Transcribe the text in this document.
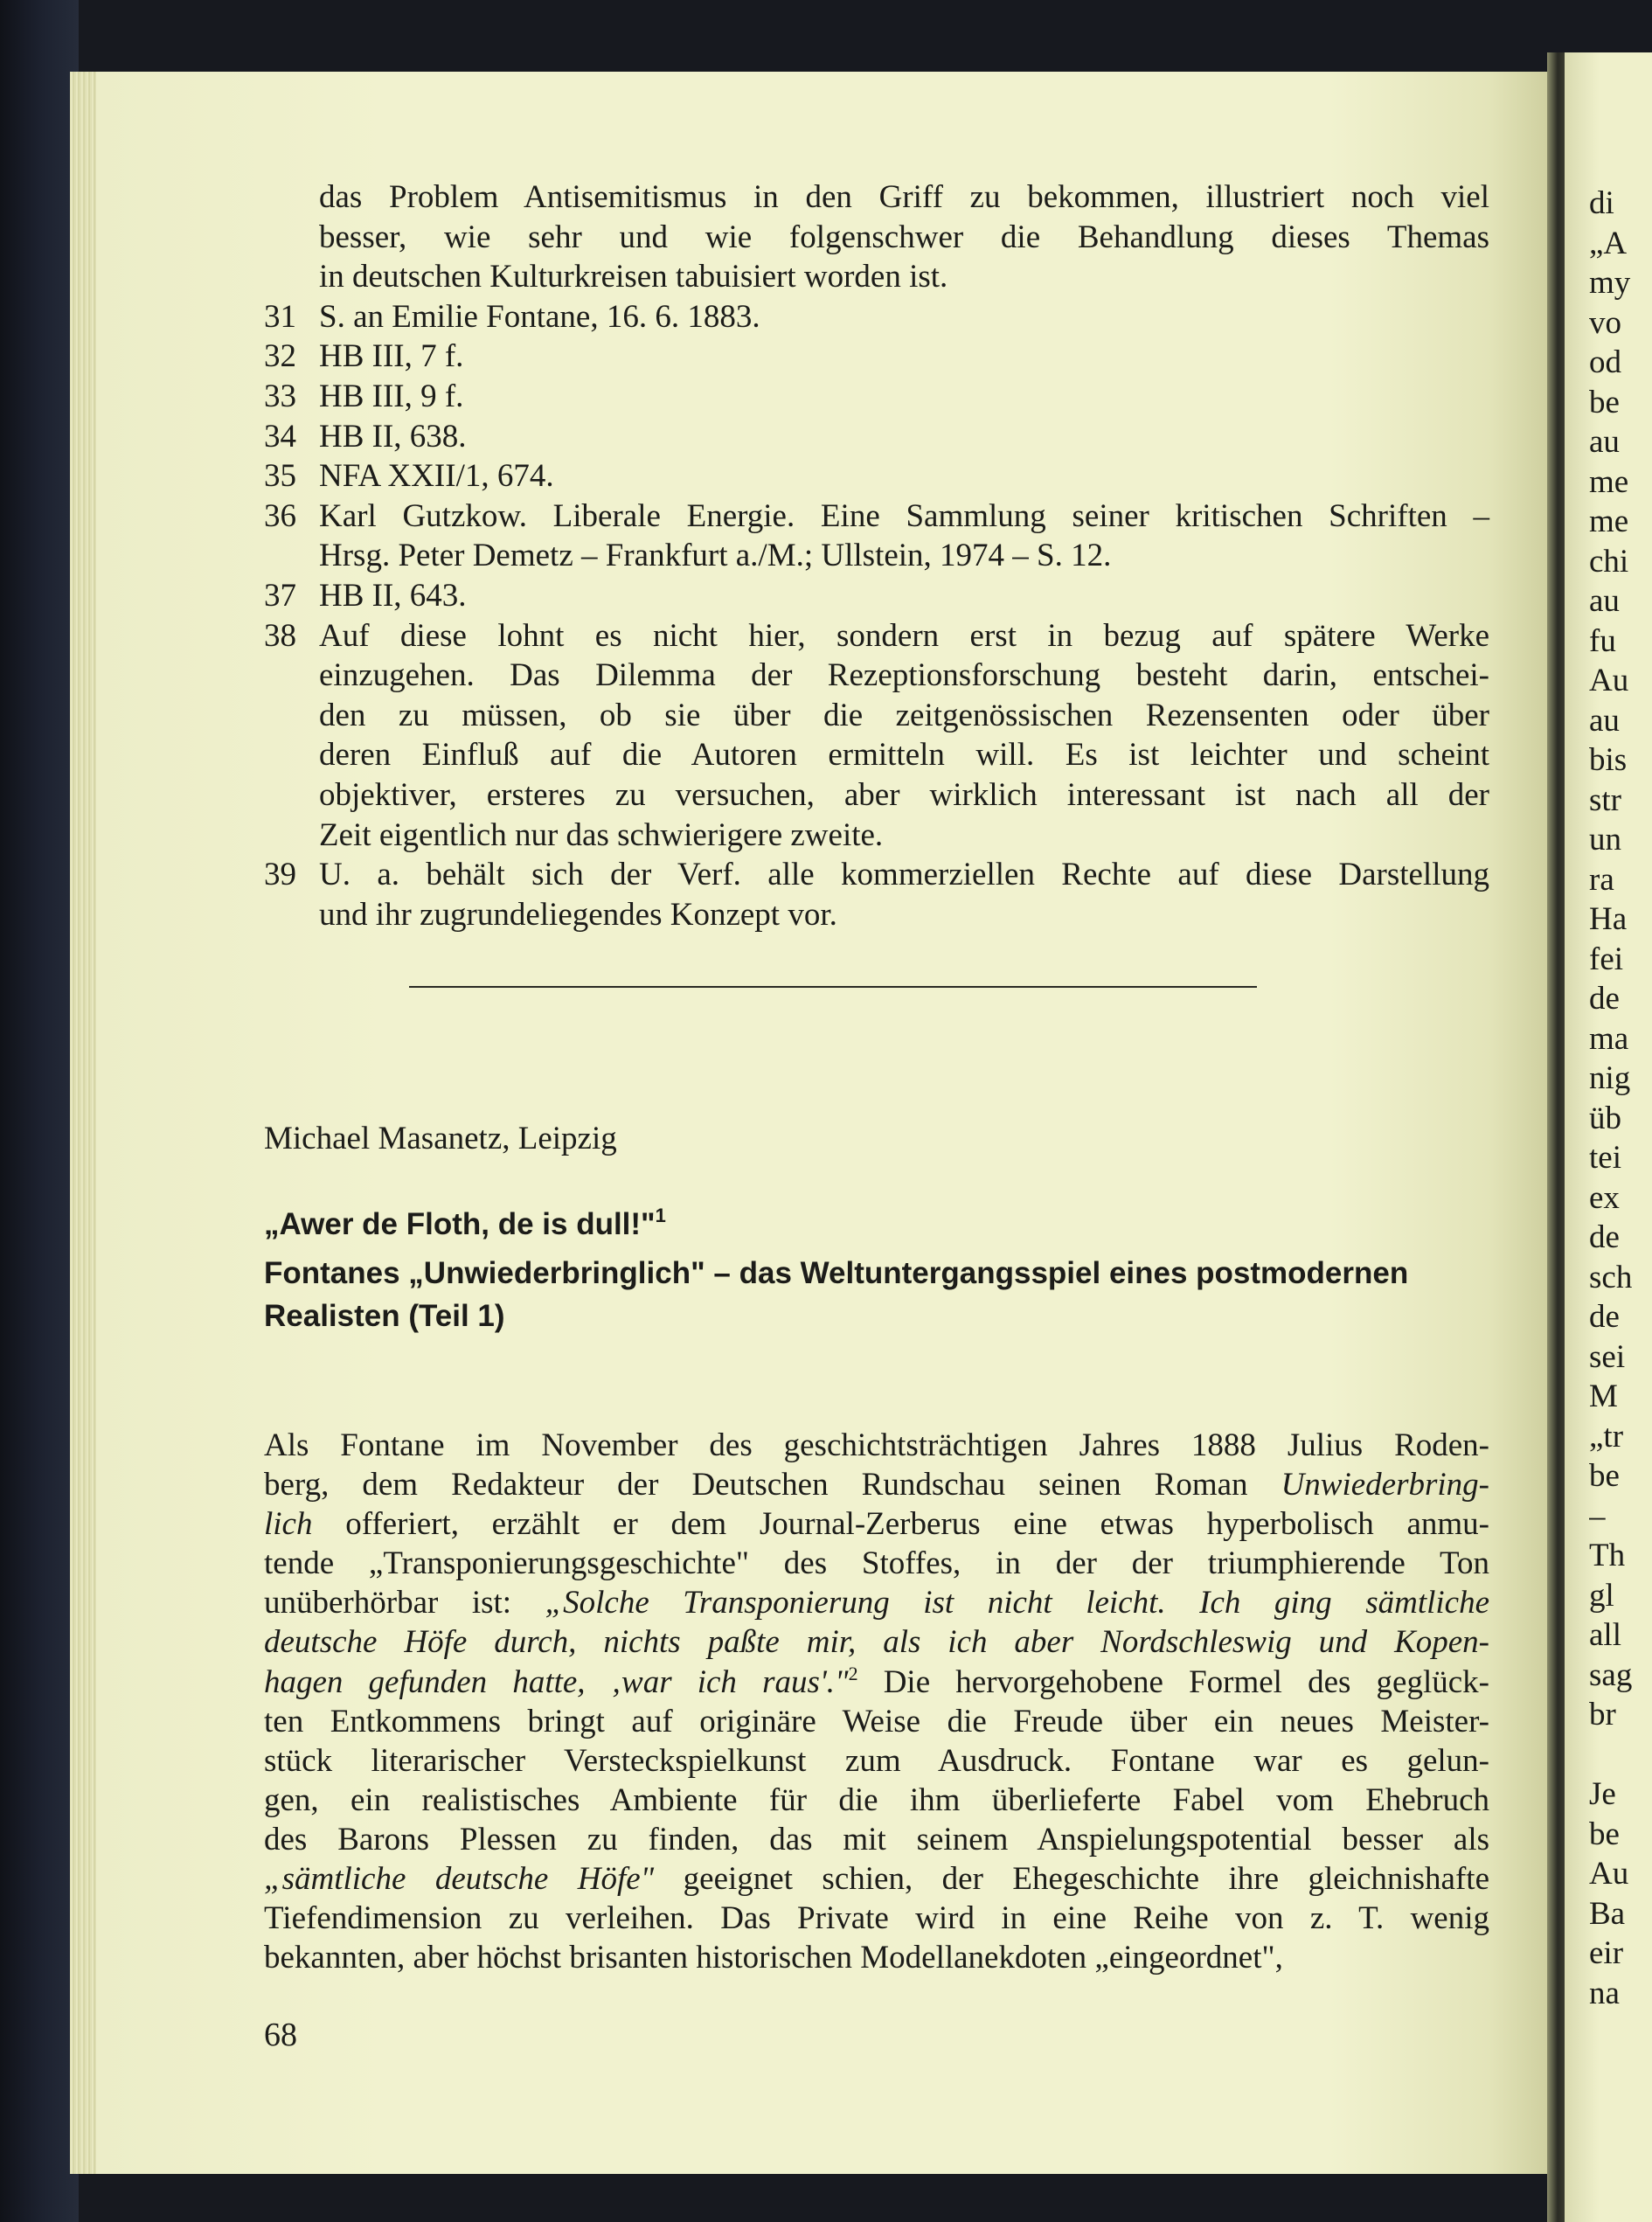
di
„A
my
vo
od
be
au
me
me
chi
au
fu
Au
au
bis
str
un
ra
Ha
fei
de
ma
nig
üb
tei
ex
de
sch
de
sei
M
„tr
be
–
Th
gl
all
sag
br
Je
be
Au
Ba
eir
na
das Problem Antisemitismus in den Griff zu bekommen, illustriert noch viel
besser, wie sehr und wie folgenschwer die Behandlung dieses Themas
in deutschen Kulturkreisen tabuisiert worden ist.
31 S. an Emilie Fontane, 16. 6. 1883.
32 HB III, 7 f.
33 HB III, 9 f.
34 HB II, 638.
35 NFA XXII/1, 674.
36 Karl Gutzkow. Liberale Energie. Eine Sammlung seiner kritischen Schriften –
Hrsg. Peter Demetz – Frankfurt a./M.; Ullstein, 1974 – S. 12.
37 HB II, 643.
38 Auf diese lohnt es nicht hier, sondern erst in bezug auf spätere Werke
einzugehen. Das Dilemma der Rezeptionsforschung besteht darin, entschei-
den zu müssen, ob sie über die zeitgenössischen Rezensenten oder über
deren Einfluß auf die Autoren ermitteln will. Es ist leichter und scheint
objektiver, ersteres zu versuchen, aber wirklich interessant ist nach all der
Zeit eigentlich nur das schwierigere zweite.
39 U. a. behält sich der Verf. alle kommerziellen Rechte auf diese Darstellung
und ihr zugrundeliegendes Konzept vor.
Michael Masanetz, Leipzig
„Awer de Floth, de is dull!"$^1$
Fontanes „Unwiederbringlich" – das Weltuntergangsspiel eines postmodernen
Realisten (Teil 1)
Als Fontane im November des geschichtsträchtigen Jahres 1888 Julius Roden-
berg, dem Redakteur der Deutschen Rundschau seinen Roman Unwiederbring-
lich offeriert, erzählt er dem Journal-Zerberus eine etwas hyperbolisch anmu-
tende „Transponierungsgeschichte" des Stoffes, in der der triumphierende Ton
unüberhörbar ist: „Solche Transponierung ist nicht leicht. Ich ging sämtliche
deutsche Höfe durch, nichts paßte mir, als ich aber Nordschleswig und Kopen-
hagen gefunden hatte, ‚war ich raus'."$^2$ Die hervorgehobene Formel des geglück-
ten Entkommens bringt auf originäre Weise die Freude über ein neues Meister-
stück literarischer Versteckspielkunst zum Ausdruck. Fontane war es gelun-
gen, ein realistisches Ambiente für die ihm überlieferte Fabel vom Ehebruch
des Barons Plessen zu finden, das mit seinem Anspielungspotential besser als
„sämtliche deutsche Höfe" geeignet schien, der Ehegeschichte ihre gleichnishafte
Tiefendimension zu verleihen. Das Private wird in eine Reihe von z. T. wenig
bekannten, aber höchst brisanten historischen Modellanekdoten „eingeordnet",
68
